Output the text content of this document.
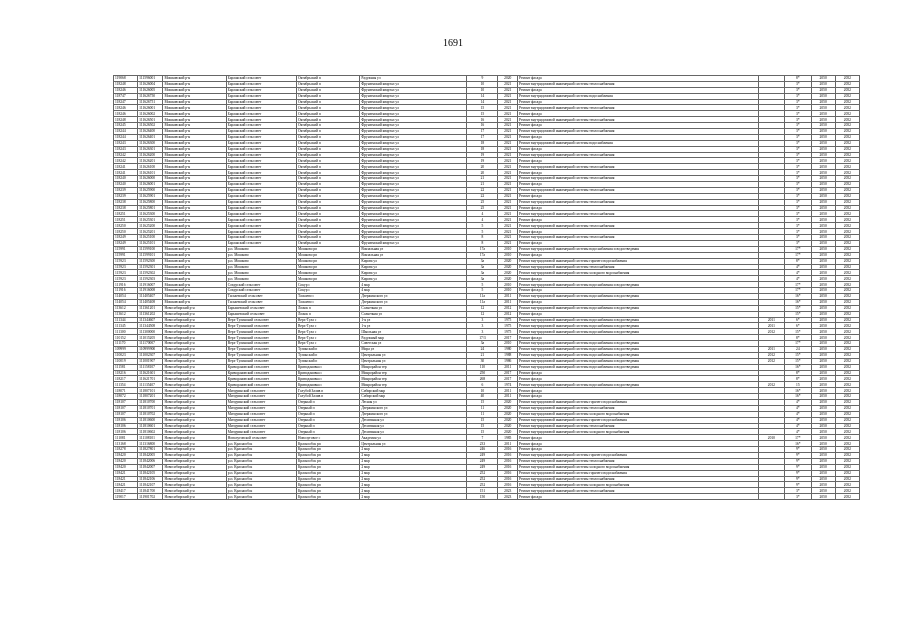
1691
119068	111596001	Мошковский р-н	Барлакский сельсовет	Октябрьский п	Радужная ул	9	2020	Ремонт фасада		8*	2050	2052
118248	111626004	Мошковский р-н	Барлакский сельсовет	Октябрьский п	Фрунзенский квартал ул	10	2021	Ремонт внутридомовой инженерной системы теплоснабжения		3*	2050	2052
118246	111626005	Мошковский р-н	Барлакский сельсовет	Октябрьский п	Фрунзенский квартал ул	10	2021	Ремонт фасада		3*	2050	2052
118747	111626750	Мошковский р-н	Барлакский сельсовет	Октябрьский п	Фрунзенский квартал ул	14	2021	Ремонт внутридомовой инженерной системы водоснабжения		3*	2050	2052
118247	111626751	Мошковский р-н	Барлакский сельсовет	Октябрьский п	Фрунзенский квартал ул	14	2021	Ремонт фасада		3*	2050	2052
118246	111626001	Мошковский р-н	Барлакский сельсовет	Октябрьский п	Фрунзенский квартал ул	15	2021	Ремонт внутридомовой инженерной системы теплоснабжения		3*	2050	2052
118246	111626002	Мошковский р-н	Барлакский сельсовет	Октябрьский п	Фрунзенский квартал ул	15	2021	Ремонт фасада		3*	2050	2052
118248	111626501	Мошковский р-н	Барлакский сельсовет	Октябрьский п	Фрунзенский квартал ул	16	2021	Ремонт внутридомовой инженерной системы теплоснабжения		3*	2050	2052
118245	111626502	Мошковский р-н	Барлакский сельсовет	Октябрьский п	Фрунзенский квартал ул	16	2021	Ремонт фасада		3*	2050	2052
118244	111626400	Мошковский р-н	Барлакский сельсовет	Октябрьский п	Фрунзенский квартал ул	17	2021	Ремонт внутридомовой инженерной системы теплоснабжения		3*	2050	2052
118244	111626401	Мошковский р-н	Барлакский сельсовет	Октябрьский п	Фрунзенский квартал ул	17	2021	Ремонт фасада		3*	2050	2052
118243	111626300	Мошковский р-н	Барлакский сельсовет	Октябрьский п	Фрунзенский квартал ул	18	2021	Ремонт внутридомовой инженерной системы водоснабжения		3*	2050	2052
118243	111626301	Мошковский р-н	Барлакский сельсовет	Октябрьский п	Фрунзенский квартал ул	18	2021	Ремонт фасада		3*	2050	2052
118242	111626200	Мошковский р-н	Барлакский сельсовет	Октябрьский п	Фрунзенский квартал ул	19	2021	Ремонт внутридомовой инженерной системы теплоснабжения		3*	2050	2052
118242	111626201	Мошковский р-н	Барлакский сельсовет	Октябрьский п	Фрунзенский квартал ул	19	2021	Ремонт фасада		3*	2050	2052
118241	111626100	Мошковский р-н	Барлакский сельсовет	Октябрьский п	Фрунзенский квартал ул	20	2021	Ремонт внутридомовой инженерной системы теплоснабжения		3*	2050	2052
118241	111626101	Мошковский р-н	Барлакский сельсовет	Октябрьский п	Фрунзенский квартал ул	20	2021	Ремонт фасада		3*	2050	2052
118240	111626000	Мошковский р-н	Барлакский сельсовет	Октябрьский п	Фрунзенский квартал ул	21	2021	Ремонт внутридомовой инженерной системы теплоснабжения		3*	2050	2052
118240	111626001	Мошковский р-н	Барлакский сельсовет	Октябрьский п	Фрунзенский квартал ул	21	2021	Ремонт фасада		3*	2050	2052
118239	111625900	Мошковский р-н	Барлакский сельсовет	Октябрьский п	Фрунзенский квартал ул	22	2021	Ремонт внутридомовой инженерной системы теплоснабжения		3*	2050	2052
118239	111625901	Мошковский р-н	Барлакский сельсовет	Октябрьский п	Фрунзенский квартал ул	22	2021	Ремонт фасада		3*	2050	2052
118238	111625800	Мошковский р-н	Барлакский сельсовет	Октябрьский п	Фрунзенский квартал ул	25	2021	Ремонт внутридомовой инженерной системы теплоснабжения		3*	2050	2052
118238	111625801	Мошковский р-н	Барлакский сельсовет	Октябрьский п	Фрунзенский квартал ул	25	2021	Ремонт фасада		3*	2050	2052
118251	111625300	Мошковский р-н	Барлакский сельсовет	Октябрьский п	Фрунзенский квартал ул	4	2021	Ремонт внутридомовой инженерной системы теплоснабжения		3*	2050	2052
118251	111625301	Мошковский р-н	Барлакский сельсовет	Октябрьский п	Фрунзенский квартал ул	4	2021	Ремонт фасада		3*	2050	2052
118250	111625200	Мошковский р-н	Барлакский сельсовет	Октябрьский п	Фрунзенский квартал ул	5	2021	Ремонт внутридомовой инженерной системы теплоснабжения		3*	2050	2052
118250	111625201	Мошковский р-н	Барлакский сельсовет	Октябрьский п	Фрунзенский квартал ул	5	2021	Ремонт фасада		3*	2050	2052
118249	111625100	Мошковский р-н	Барлакский сельсовет	Октябрьский п	Фрунзенский квартал ул	8	2021	Ремонт внутридомовой инженерной системы теплоснабжения		3*	2050	2052
118249	111625101	Мошковский р-н	Барлакский сельсовет	Октябрьский п	Фрунзенский квартал ул	8	2021	Ремонт фасада		3*	2050	2052
115991	111599100	Мошковский р-н	р.п. Мошково	Мошково рп	Вокзальная ул	17а	2010	Ремонт внутридомовой инженерной системы водоснабжения и водоотведения		17*	2050	2052
115991	111599101	Мошковский р-н	р.п. Мошково	Мошково рп	Вокзальная ул	17а	2010	Ремонт фасада		17*	2050	2052
115923	111592300	Мошковский р-н	р.п. Мошково	Мошково рп	Кирова ул	3а	2020	Ремонт внутридомовой инженерной системы горячего водоснабжения		8*	2050	2052
115923	111592301	Мошковский р-н	р.п. Мошково	Мошково рп	Кирова ул	3а	2020	Ремонт внутридомовой инженерной системы теплоснабжения		4*	2050	2052
115923	111592302	Мошковский р-н	р.п. Мошково	Мошково рп	Кирова ул	3а	2020	Ремонт внутридомовой инженерной системы холодного водоснабжения		4*	2050	2052
115923	111592303	Мошковский р-н	р.п. Мошково	Мошково рп	Кирова ул	3а	2020	Ремонт фасада		4*	2050	2052
111916	111916007	Мошковский р-н	Сокурский сельсовет	Сокур с	4 мкр	5	2010	Ремонт внутридомовой инженерной системы водоснабжения и водоотведения		17*	2050	2052
111916	111916008	Мошковский р-н	Сокурский сельсовет	Сокур с	4 мкр	5	2010	Ремонт фасада		17*	2050	2052
114054	111405407	Мошковский р-н	Таскаевский сельсовет	Таскаево с	Дзержинского ул	11а	2011	Ремонт внутридомовой инженерной системы водоснабжения и водоотведения		16*	2050	2052
114054	111405408	Мошковский р-н	Таскаевский сельсовет	Таскаево с	Дзержинского ул	11а	2011	Ремонт фасада		16*	2050	2052
113612	111361201	Новосибирский р-н	Барышевский сельсовет	Ложок п	Солнечная ул	12	2012	Ремонт внутридомовой инженерной системы водоснабжения и водоотведения		15*	2050	2052
113612	111361202	Новосибирский р-н	Барышевский сельсовет	Ложок п	Солнечная ул	12	2012	Ремонт фасада		15*	2050	2052
111344	111344607	Новосибирский р-н	Верх-Тулинский сельсовет	Верх-Тула с	1-я ул	3	1975	Ремонт внутридомовой инженерной системы водоснабжения и водоотведения	2011	6*	2050	2052
111345	111344508	Новосибирский р-н	Верх-Тулинский сельсовет	Верх-Тула с	1-я ул	3	1975	Ремонт внутридомовой инженерной системы водоснабжения и водоотведения	2011	6*	2050	2052
111300	111300000	Новосибирский р-н	Верх-Тулинский сельсовет	Верх-Тула с	Школьная ул	3	1975	Ремонт внутридомовой инженерной системы водоснабжения и водоотведения	2012	15*	2050	2052
110152	111015205	Новосибирский р-н	Верх-Тулинский сельсовет	Верх-Тула с	Радужный мкр	17/3	2017	Ремонт фасада		8*	2050	2052
111170	111170007	Новосибирский р-н	Верх-Тулинский сельсовет	Верх-Тула с	Советская ул	3а	2010	Ремонт внутридомовой инженерной системы водоснабжения и водоотведения		17*	2050	2052
109999	110999900	Новосибирский р-н	Верх-Тулинский сельсовет	Тулинский п	Мира ул	24	1980	Ремонт внутридомовой инженерной системы водоснабжения и водоотведения	2011	24	2050	2052
110023	111002307	Новосибирский р-н	Верх-Тулинский сельсовет	Тулинский п	Центральная ул	21	1988	Ремонт внутридомовой инженерной системы водоснабжения и водоотведения	2012	15*	2050	2052
110019	111001907	Новосибирский р-н	Верх-Тулинский сельсовет	Тулинский п	Центральная ул	30	1986	Ремонт внутридомовой инженерной системы водоснабжения и водоотведения	2012	15*	2050	2052
111581	111158107	Новосибирский р-н	Криводановский сельсовет	Криводановка с	Микрорайон тер	110	2011	Ремонт внутридомовой инженерной системы водоснабжения и водоотведения		16*	2050	2052
118216	111621601	Новосибирский р-н	Криводановский сельсовет	Криводановка с	Микрорайон тер	250	2017	Ремонт фасада		8*	2050	2052
118217	111621701	Новосибирский р-н	Криводановский сельсовет	Криводановка с	Микрорайон тер	268	2017	Ремонт фасада		8*	2050	2052
111354	111135407	Новосибирский р-н	Криводановский сельсовет	Криводановка с	Микрорайон тер	6	1974	Ремонт внутридомовой инженерной системы водоснабжения и водоотведения	2012	15	2050	2052
118071	111807101	Новосибирский р-н	Мичуринский сельсовет	Голубой Залив п	Сибирский мкр	10	2011	Ремонт фасада		16*	2050	2052
118072	111807201	Новосибирский р-н	Мичуринский сельсовет	Голубой Залив п	Сибирский мкр	40	2011	Ремонт фасада		16*	2050	2052
118107	111810700	Новосибирский р-н	Мичуринский сельсовет	Озерный п	Лесная ул	15	2020	Ремонт внутридомовой инженерной системы горячего водоснабжения		4*	2050	2052
118107	111810701	Новосибирский р-н	Мичуринский сельсовет	Озерный п	Дзержинского ул	11	2020	Ремонт внутридомовой инженерной системы теплоснабжения		4*	2050	2052
118107	111810702	Новосибирский р-н	Мичуринский сельсовет	Озерный п	Дзержинского ул	11	2020	Ремонт внутридомовой инженерной системы холодного водоснабжения		4*	2050	2052
118106	111810600	Новосибирский р-н	Мичуринский сельсовет	Озерный п	Десятинная ул	15	2020	Ремонт внутридомовой инженерной системы горячего водоснабжения		4*	2050	2052
118106	111810601	Новосибирский р-н	Мичуринский сельсовет	Озерный п	Десятинная ул	15	2020	Ремонт внутридомовой инженерной системы теплоснабжения		4*	2050	2052
118106	111810602	Новосибирский р-н	Мичуринский сельсовет	Озерный п	Десятинная ул	15	2020	Ремонт внутридомовой инженерной системы холодного водоснабжения		4*	2050	2052
111081	111108101	Новосибирский р-н	Новолуговской сельсовет	Новолуговое с	Академия ул	7	1985	Ремонт фасада	2010	17*	2050	2052
113168	111316800	Новосибирский р-н	р.п. Краснообск	Краснообск рп	Центральная ул	233	2011	Ремонт фасада		16*	2050	2052
118278	111827801	Новосибирский р-н	р.п. Краснообск	Краснообск рп	2 мкр	246	2016	Ремонт фасада		9*	2050	2052
118420	111842005	Новосибирский р-н	р.п. Краснообск	Краснообск рп	2 мкр	249	2016	Ремонт внутридомовой инженерной системы горячего водоснабжения		9*	2050	2052
118420	111842006	Новосибирский р-н	р.п. Краснообск	Краснообск рп	2 мкр	249	2016	Ремонт внутридомовой инженерной системы теплоснабжения		9*	2050	2052
118420	111842007	Новосибирский р-н	р.п. Краснообск	Краснообск рп	2 мкр	249	2016	Ремонт внутридомовой инженерной системы холодного водоснабжения		9*	2050	2052
118421	111842105	Новосибирский р-н	р.п. Краснообск	Краснообск рп	2 мкр	252	2016	Ремонт внутридомовой инженерной системы горячего водоснабжения		9*	2050	2052
118421	111842106	Новосибирский р-н	р.п. Краснообск	Краснообск рп	2 мкр	252	2016	Ремонт внутридомовой инженерной системы теплоснабжения		9*	2050	2052
118421	111842107	Новосибирский р-н	р.п. Краснообск	Краснообск рп	2 мкр	252	2016	Ремонт внутридомовой инженерной системы холодного водоснабжения		9*	2050	2052
118417	111841700	Новосибирский р-н	р.п. Краснообск	Краснообск рп	2 мкр	151	2023	Ремонт внутридомовой инженерной системы теплоснабжения		3*	2050	2052
119017	111901702	Новосибирский р-н	р.п. Краснообск	Краснообск рп	2 мкр	150	2023	Ремонт фасада		3*	2050	2052
